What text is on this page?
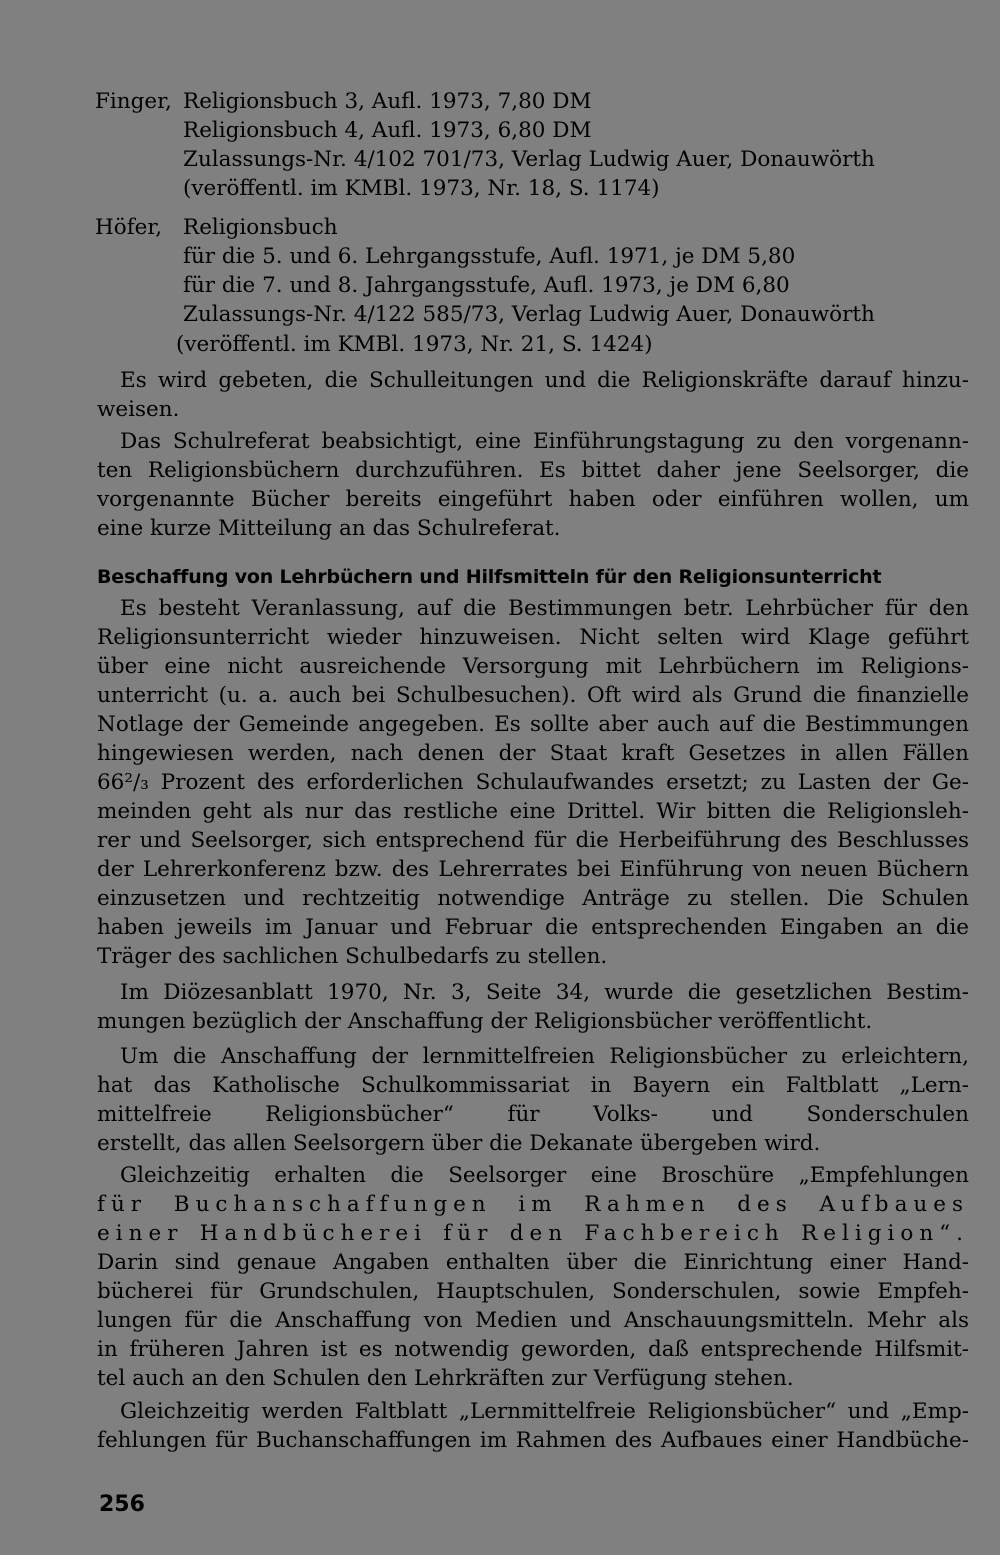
Finger, Religionsbuch 3, Aufl. 1973, 7,80 DM
Religionsbuch 4, Aufl. 1973, 6,80 DM
Zulassungs-Nr. 4/102 701/73, Verlag Ludwig Auer, Donauwörth
(veröffentl. im KMBl. 1973, Nr. 18, S. 1174)
Höfer, Religionsbuch
für die 5. und 6. Lehrgangsstufe, Aufl. 1971, je DM 5,80
für die 7. und 8. Jahrgangsstufe, Aufl. 1973, je DM 6,80
Zulassungs-Nr. 4/122 585/73, Verlag Ludwig Auer, Donauwörth
(veröffentl. im KMBl. 1973, Nr. 21, S. 1424)
Es wird gebeten, die Schulleitungen und die Religionskräfte darauf hinzu-
weisen.
Das Schulreferat beabsichtigt, eine Einführungstagung zu den vorgenann-
ten Religionsbüchern durchzuführen. Es bittet daher jene Seelsorger, die
vorgenannte Bücher bereits eingeführt haben oder einführen wollen, um
eine kurze Mitteilung an das Schulreferat.
Beschaffung von Lehrbüchern und Hilfsmitteln für den Religionsunterricht
Es besteht Veranlassung, auf die Bestimmungen betr. Lehrbücher für den
Religionsunterricht wieder hinzuweisen. Nicht selten wird Klage geführt
über eine nicht ausreichende Versorgung mit Lehrbüchern im Religions-
unterricht (u. a. auch bei Schulbesuchen). Oft wird als Grund die finanzielle
Notlage der Gemeinde angegeben. Es sollte aber auch auf die Bestimmungen
hingewiesen werden, nach denen der Staat kraft Gesetzes in allen Fällen
66²/₃ Prozent des erforderlichen Schulaufwandes ersetzt; zu Lasten der Ge-
meinden geht als nur das restliche eine Drittel. Wir bitten die Religionsleh-
rer und Seelsorger, sich entsprechend für die Herbeiführung des Beschlusses
der Lehrerkonferenz bzw. des Lehrerrates bei Einführung von neuen Büchern
einzusetzen und rechtzeitig notwendige Anträge zu stellen. Die Schulen
haben jeweils im Januar und Februar die entsprechenden Eingaben an die
Träger des sachlichen Schulbedarfs zu stellen.
Im Diözesanblatt 1970, Nr. 3, Seite 34, wurde die gesetzlichen Bestim-
mungen bezüglich der Anschaffung der Religionsbücher veröffentlicht.
Um die Anschaffung der lernmittelfreien Religionsbücher zu erleichtern,
hat das Katholische Schulkommissariat in Bayern ein Faltblatt „Lern-
mittelfreie Religionsbücher“ für Volks- und Sonderschulen
erstellt, das allen Seelsorgern über die Dekanate übergeben wird.
Gleichzeitig erhalten die Seelsorger eine Broschüre „Empfehlungen
für Buchanschaffungen im Rahmen des Aufbaues
einer Handbücherei für den Fachbereich Religion“.
Darin sind genaue Angaben enthalten über die Einrichtung einer Hand-
bücherei für Grundschulen, Hauptschulen, Sonderschulen, sowie Empfeh-
lungen für die Anschaffung von Medien und Anschauungsmitteln. Mehr als
in früheren Jahren ist es notwendig geworden, daß entsprechende Hilfsmit-
tel auch an den Schulen den Lehrkräften zur Verfügung stehen.
Gleichzeitig werden Faltblatt „Lernmittelfreie Religionsbücher“ und „Emp-
fehlungen für Buchanschaffungen im Rahmen des Aufbaues einer Handbüche-
256
